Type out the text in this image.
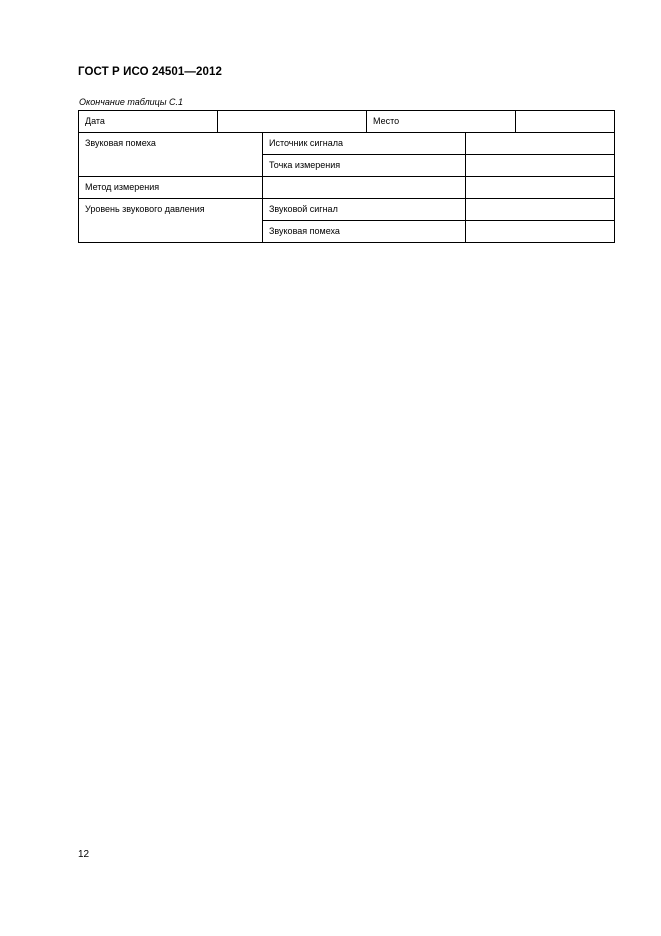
ГОСТ Р ИСО 24501—2012
Окончание таблицы С.1
Дата			Место		
Звуковая помеха		Источник сигнала			
		Точка измерения			
Метод измерения					
Уровень звукового давления		Звуковой сигнал			
		Звуковая помеха			
12
